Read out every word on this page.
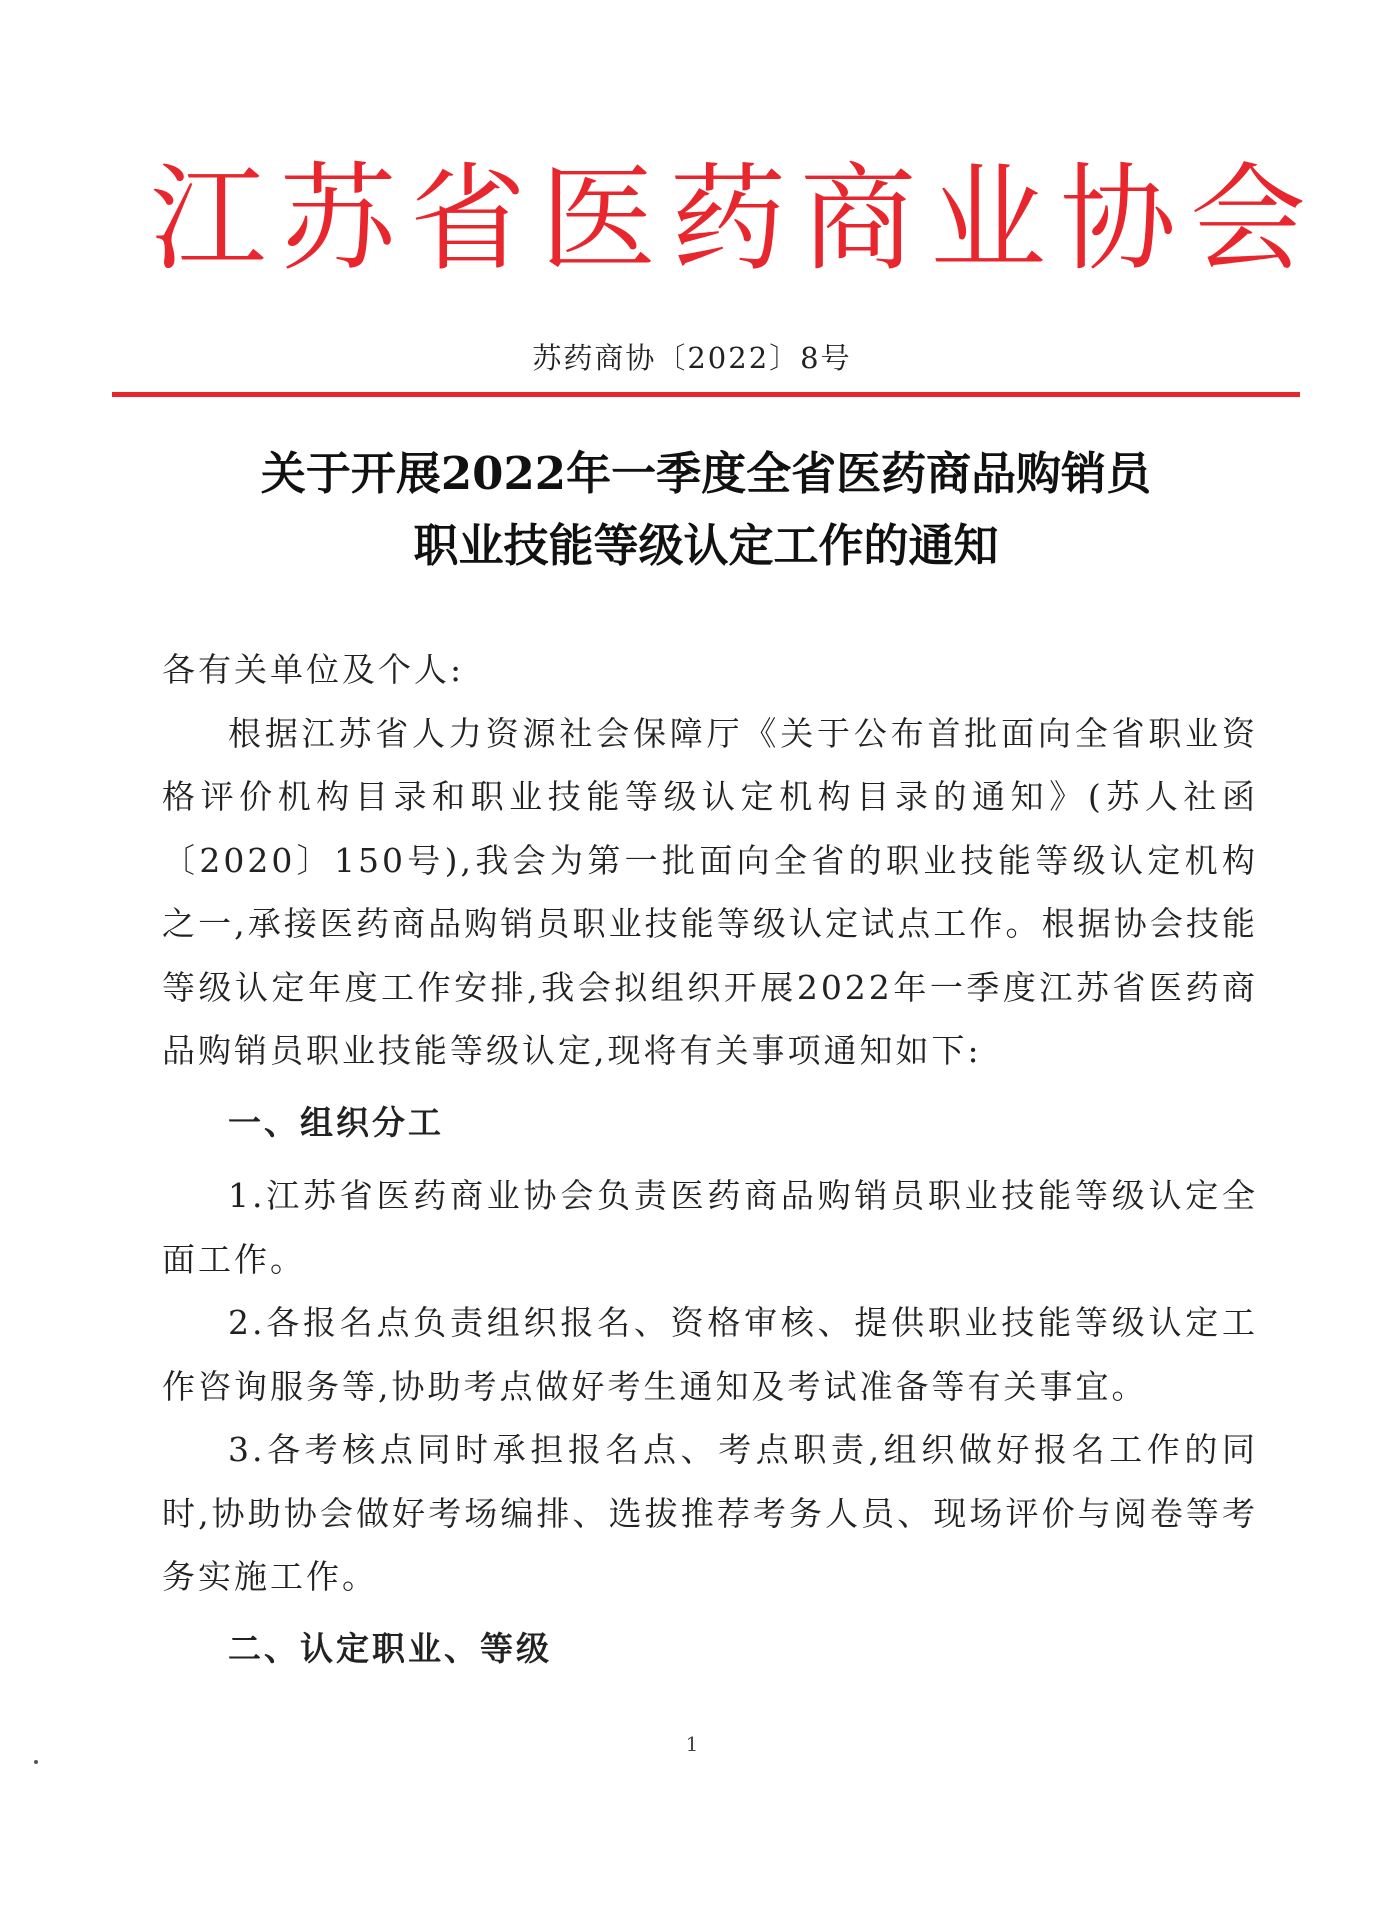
江苏省医药商业协会
苏药商协〔2022〕8号
关于开展2022年一季度全省医药商品购销员
职业技能等级认定工作的通知

各有关单位及个人:

根据江苏省人力资源社会保障厅《关于公布首批面向全省职业资格评价机构目录和职业技能等级认定机构目录的通知》(苏人社函〔2020〕150号),我会为第一批面向全省的职业技能等级认定机构之一,承接医药商品购销员职业技能等级认定试点工作。根据协会技能等级认定年度工作安排,我会拟组织开展2022年一季度江苏省医药商品购销员职业技能等级认定,现将有关事项通知如下:

一、组织分工

1.江苏省医药商业协会负责医药商品购销员职业技能等级认定全面工作。

2.各报名点负责组织报名、资格审核、提供职业技能等级认定工作咨询服务等,协助考点做好考生通知及考试准备等有关事宜。

3.各考核点同时承担报名点、考点职责,组织做好报名工作的同时,协助协会做好考场编排、选拔推荐考务人员、现场评价与阅卷等考务实施工作。

二、认定职业、等级

1
